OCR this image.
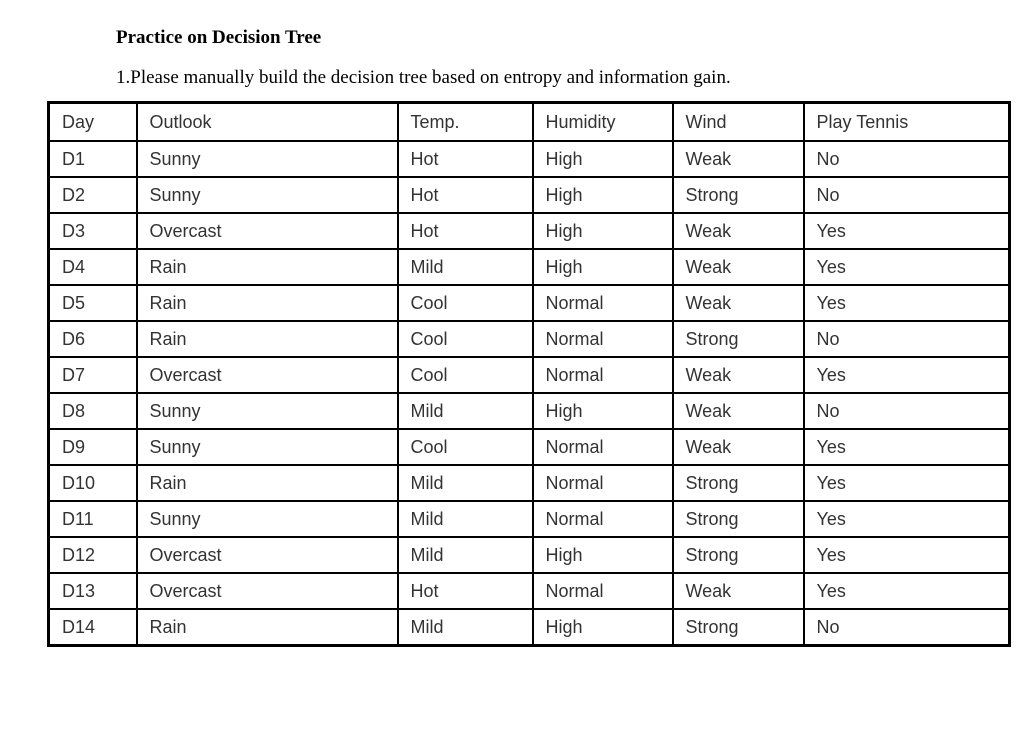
Practice on Decision Tree

1.Please manually build the decision tree based on entropy and information gain.

Day	Outlook	Temp.	Humidity	Wind	Play Tennis
D1	Sunny	Hot	High	Weak	No
D2	Sunny	Hot	High	Strong	No
D3	Overcast	Hot	High	Weak	Yes
D4	Rain	Mild	High	Weak	Yes
D5	Rain	Cool	Normal	Weak	Yes
D6	Rain	Cool	Normal	Strong	No
D7	Overcast	Cool	Normal	Weak	Yes
D8	Sunny	Mild	High	Weak	No
D9	Sunny	Cool	Normal	Weak	Yes
D10	Rain	Mild	Normal	Strong	Yes
D11	Sunny	Mild	Normal	Strong	Yes
D12	Overcast	Mild	High	Strong	Yes
D13	Overcast	Hot	Normal	Weak	Yes
D14	Rain	Mild	High	Strong	No
